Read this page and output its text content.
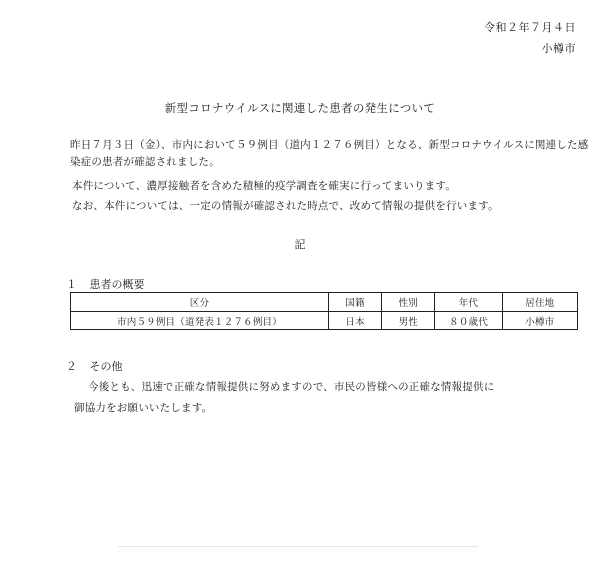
令和２年７月４日
小樽市
新型コロナウイルスに関連した患者の発生について
昨日７月３日（金）、市内において５９例目（道内１２７６例目）となる、新型コロナウイルスに関連した感染症の患者が確認されました。
本件について、濃厚接触者を含めた積極的疫学調査を確実に行ってまいります。
なお、本件については、一定の情報が確認された時点で、改めて情報の提供を行います。
記
１ 患者の概要
区分	国籍	性別	年代	居住地
市内５９例目（道発表１２７６例目）	日本	男性	８０歳代	小樽市
２ その他
今後とも、迅速で正確な情報提供に努めますので、市民の皆様への正確な情報提供に
御協力をお願いいたします。
